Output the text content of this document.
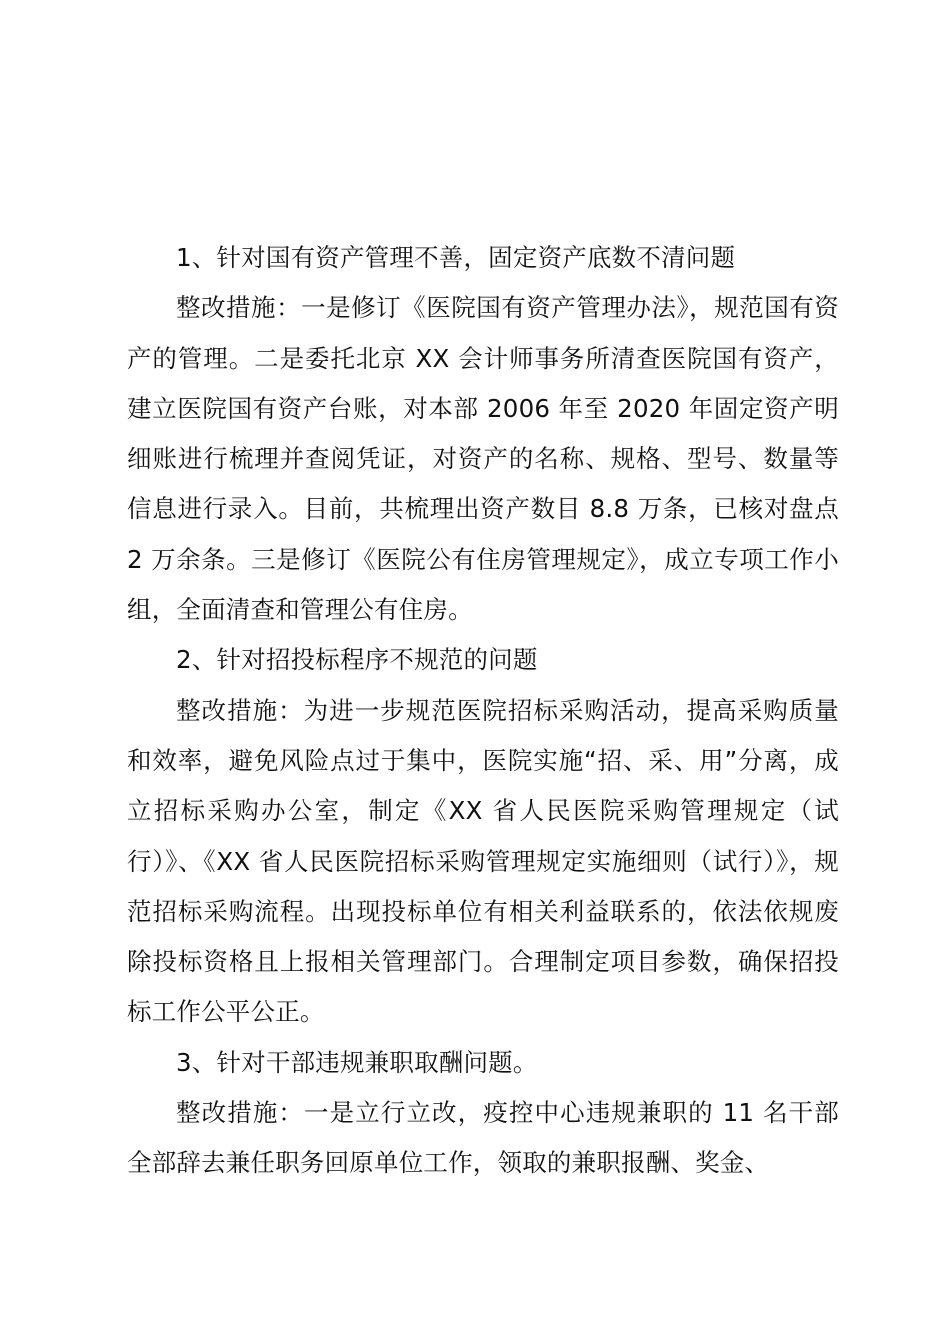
1、针对国有资产管理不善，固定资产底数不清问题

整改措施：一是修订《医院国有资产管理办法》，规范国有资产的管理。二是委托北京 XX 会计师事务所清查医院国有资产，建立医院国有资产台账，对本部 2006 年至 2020 年固定资产明细账进行梳理并查阅凭证，对资产的名称、规格、型号、数量等信息进行录入。目前，共梳理出资产数目 8.8 万条，已核对盘点 2 万余条。三是修订《医院公有住房管理规定》，成立专项工作小组，全面清查和管理公有住房。

2、针对招投标程序不规范的问题

整改措施：为进一步规范医院招标采购活动，提高采购质量和效率，避免风险点过于集中，医院实施“招、采、用”分离，成立招标采购办公室，制定《XX 省人民医院采购管理规定（试行）》、《XX 省人民医院招标采购管理规定实施细则（试行）》，规范招标采购流程。出现投标单位有相关利益联系的，依法依规废除投标资格且上报相关管理部门。合理制定项目参数，确保招投标工作公平公正。

3、针对干部违规兼职取酬问题。

整改措施：一是立行立改，疫控中心违规兼职的 11 名干部全部辞去兼任职务回原单位工作，领取的兼职报酬、奖金、
